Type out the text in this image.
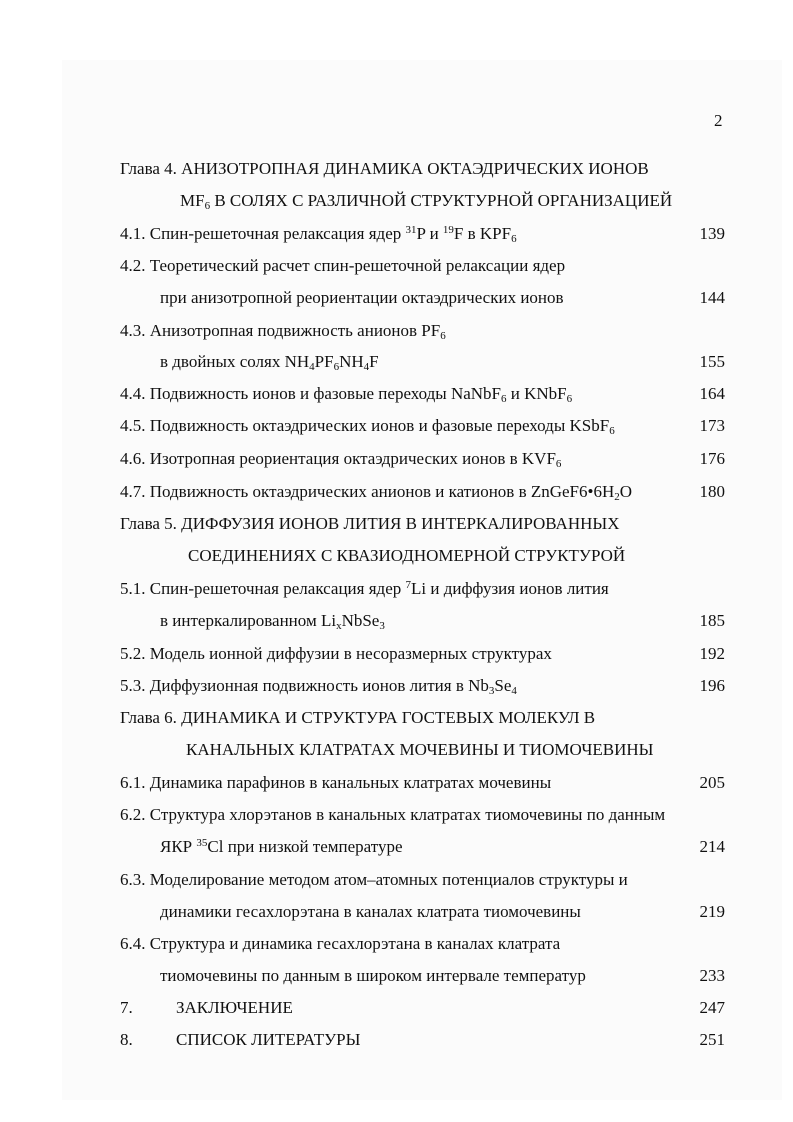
2
Глава 4. АНИЗОТРОПНАЯ ДИНАМИКА ОКТАЭДРИЧЕСКИХ ИОНОВ
$MF_6$ В СОЛЯХ С РАЗЛИЧНОЙ СТРУКТУРНОЙ ОРГАНИЗАЦИЕЙ
4.1. Спин-решеточная релаксация ядер $^{31}$P и $^{19}$F в $KPF_6$	139
4.2. Теоретический расчет спин-решеточной релаксации ядер
при анизотропной реориентации октаэдрических ионов	144
4.3. Анизотропная подвижность анионов $PF_6$
в двойных солях $NH_4PF_6NH_4F$	155
4.4. Подвижность ионов и фазовые переходы NaNbF$_6$ и KNbF$_6$	164
4.5. Подвижность октаэдрических ионов и фазовые переходы KSbF$_6$	173
4.6. Изотропная реориентация октаэдрических ионов в $KVF_6$	176
4.7. Подвижность октаэдрических анионов и катионов в $ZnGeF6•6H_2O$	180
Глава 5. ДИФФУЗИЯ ИОНОВ ЛИТИЯ В ИНТЕРКАЛИРОВАННЫХ
СОЕДИНЕНИЯХ С КВАЗИОДНОМЕРНОЙ СТРУКТУРОЙ
5.1. Спин-решеточная релаксация ядер $^7$Li и диффузия ионов лития
в интеркалированном $Li_xNbSe_3$	185
5.2. Модель ионной диффузии в несоразмерных структурах	192
5.3. Диффузионная подвижность ионов лития в $Nb_3Se_4$	196
Глава 6. ДИНАМИКА И СТРУКТУРА ГОСТЕВЫХ МОЛЕКУЛ В
КАНАЛЬНЫХ КЛАТРАТАХ МОЧЕВИНЫ И ТИОМОЧЕВИНЫ
6.1. Динамика парафинов в канальных клатратах мочевины	205
6.2. Структура хлорэтанов в канальных клатратах тиомочевины по данным
ЯКР $^{35}$Cl при низкой температуре	214
6.3. Моделирование методом атом–атомных потенциалов структуры и
динамики гесахлорэтана в каналах клатрата тиомочевины	219
6.4. Структура и динамика гесахлорэтана в каналах клатрата
тиомочевины по данным в широком интервале температур	233
7.	ЗАКЛЮЧЕНИЕ	247
8.	СПИСОК ЛИТЕРАТУРЫ	251
